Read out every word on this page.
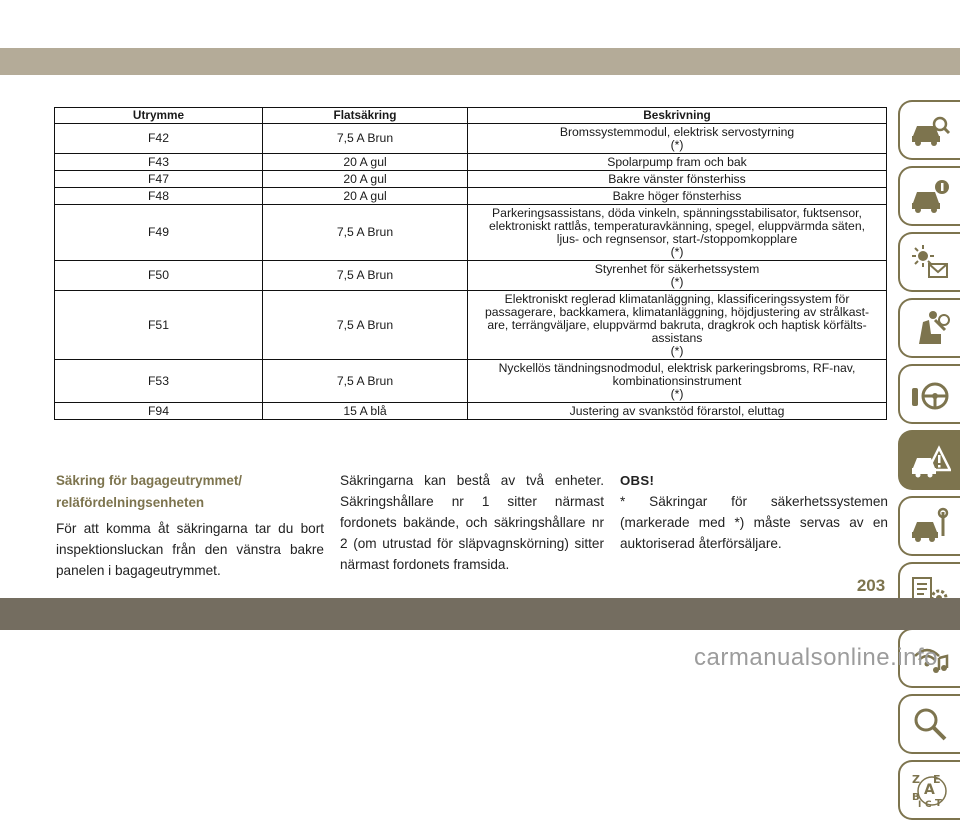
Utrymme	Flatsäkring	Beskrivning
F42	7,5 A Brun	Bromssystemmodul, elektrisk servostyrning
(*)

F43	20 A gul	Spolarpump fram och bak

F47	20 A gul	Bakre vänster fönsterhiss

F48	20 A gul	Bakre höger fönsterhiss

F49	7,5 A Brun	Parkeringsassistans, döda vinkeln, spänningsstabilisator, fuktsensor,
elektroniskt rattlås, temperaturavkänning, spegel, eluppvärmda säten,
ljus- och regnsensor, start-/stoppomkopplare
(*)

F50	7,5 A Brun	Styrenhet för säkerhetssystem
(*)

F51	7,5 A Brun	Elektroniskt reglerad klimatanläggning, klassificeringssystem för
passagerare, backkamera, klimatanläggning, höjdjustering av strålkast-
are, terrängväljare, eluppvärmd bakruta, dragkrok och haptisk körfälts-
assistans
(*)

F53	7,5 A Brun	Nyckellös tändningsnodmodul, elektrisk parkeringsbroms, RF-nav,
kombinationsinstrument
(*)

F94	15 A blå	Justering av svankstöd förarstol, eluttag
Säkring för bagageutrymmet/
reläfördelningsenheten
För att komma åt säkringarna tar du bort inspektionsluckan från den vänstra bakre panelen i bagageutrymmet.
Säkringarna kan bestå av två enheter. Säkringshållare nr 1 sitter närmast fordonets bakände, och säkringshållare nr 2 (om utrustad för släpvagnskörning) sitter närmast fordonets framsida.
OBS!
* Säkringar för säkerhetssystemen (markerade med *) måste servas av en auktoriserad återförsäljare.
Z E
A
B
I C T
203
carmanualsonline.info
